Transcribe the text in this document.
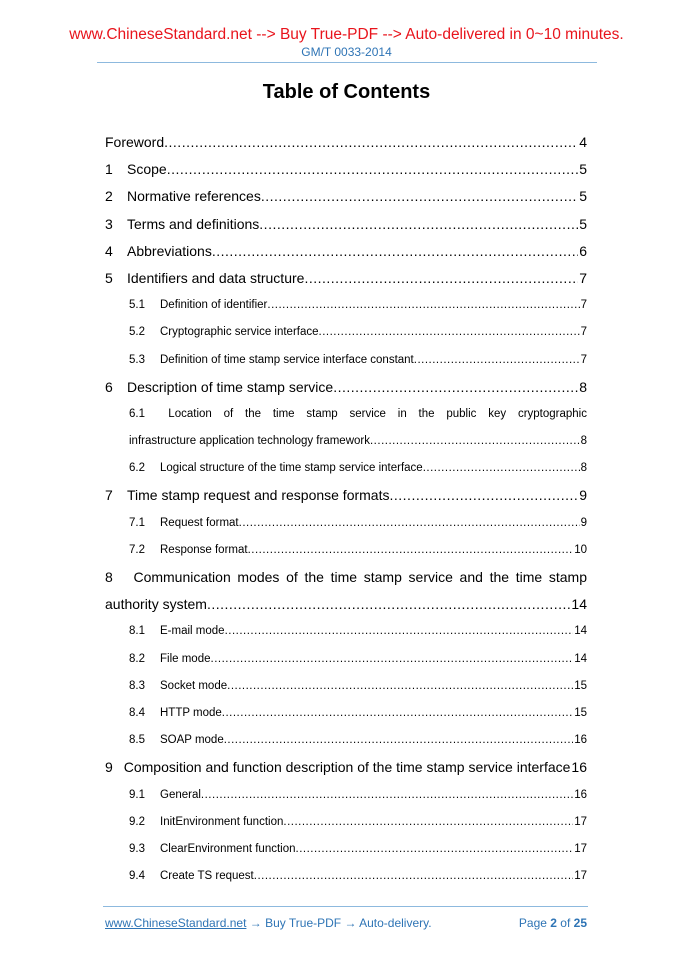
www.ChineseStandard.net --> Buy True-PDF --> Auto-delivered in 0~10 minutes.
GM/T 0033-2014
Table of Contents
Foreword .....	4
1	Scope .....	5
2	Normative references .....	5
3	Terms and definitions .....	5
4	Abbreviations .....	6
5	Identifiers and data structure .....	7
5.1	Definition of identifier .....	7
5.2	Cryptographic service interface .....	7
5.3	Definition of time stamp service interface constant .....	7
6	Description of time stamp service .....	8
6.1  Location of the time stamp service in the public key cryptographic
infrastructure application technology framework .....	8
6.2	Logical structure of the time stamp service interface .....	8
7	Time stamp request and response formats .....	9
7.1	Request format .....	9
7.2	Response format .....	10
8  Communication modes of the time stamp service and the time stamp
authority system .....	14
8.1	E-mail mode .....	14
8.2	File mode .....	14
8.3	Socket mode .....	15
8.4	HTTP mode .....	15
8.5	SOAP mode .....	16
9 Composition and function description of the time stamp service interface 16
9.1	General .....	16
9.2	InitEnvironment function .....	17
9.3	ClearEnvironment function .....	17
9.4	Create TS request .....	17
www.ChineseStandard.net → Buy True-PDF → Auto-delivery.	Page 2 of 25
